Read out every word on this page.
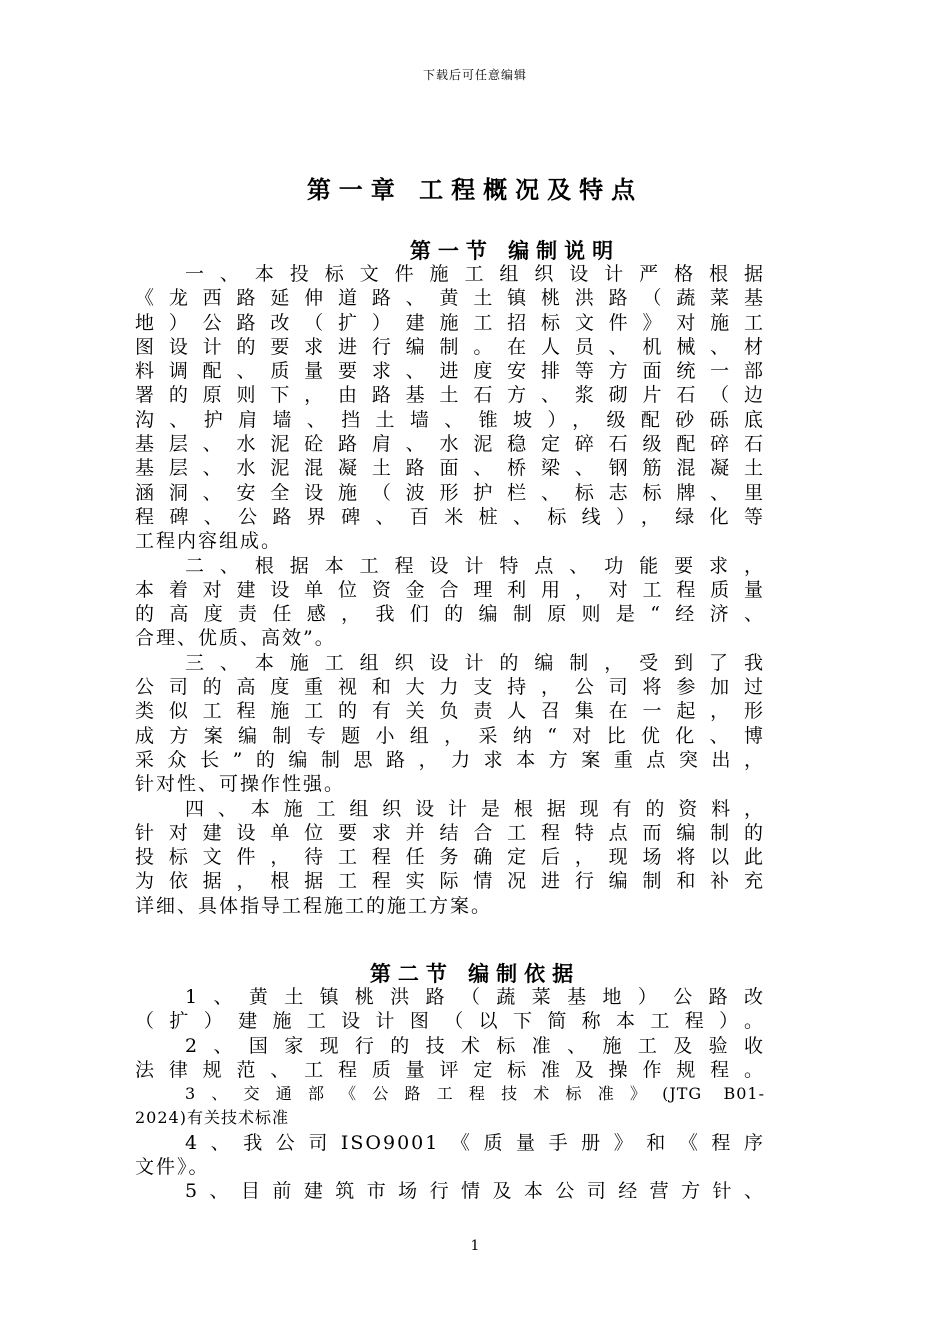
下载后可任意编辑
第一章 工程概况及特点
第一节 编制说明
一、本投标文件施工组织设计严格根据
《龙西路延伸道路、黄土镇桃洪路（蔬菜基
地）公路改（扩）建施工招标文件》对施工
图设计的要求进行编制。在人员、机械、材
料调配、质量要求、进度安排等方面统一部
署的原则下，由路基土石方、浆砌片石（边
沟、护肩墙、挡土墙、锥坡），级配砂砾底
基层、水泥砼路肩、水泥稳定碎石级配碎石
基层、水泥混凝土路面、桥梁、钢筋混凝土
涵洞、安全设施（波形护栏、标志标牌、里
程碑、公路界碑、百米桩、标线），绿化等
工程内容组成。
二、根据本工程设计特点、功能要求，
本着对建设单位资金合理利用，对工程质量
的高度责任感，我们的编制原则是“经济、
合理、优质、高效”。
三、本施工组织设计的编制，受到了我
公司的高度重视和大力支持，公司将参加过
类似工程施工的有关负责人召集在一起，形
成方案编制专题小组，采纳“对比优化、博
采众长”的编制思路，力求本方案重点突出，
针对性、可操作性强。
四、本施工组织设计是根据现有的资料，
针对建设单位要求并结合工程特点而编制的
投标文件，待工程任务确定后，现场将以此
为依据，根据工程实际情况进行编制和补充
详细、具体指导工程施工的施工方案。
第二节 编制依据
1、黄土镇桃洪路（蔬菜基地）公路改
（扩）建施工设计图（以下简称本工程）。
2、国家现行的技术标准、施工及验收
法律规范、工程质量评定标准及操作规程。
3、交通部《公路工程技术标准》(JTG B01-
2024)有关技术标准
4、我公司ISO9001《质量手册》和《程序
文件》。
5、目前建筑市场行情及本公司经营方针、
1
